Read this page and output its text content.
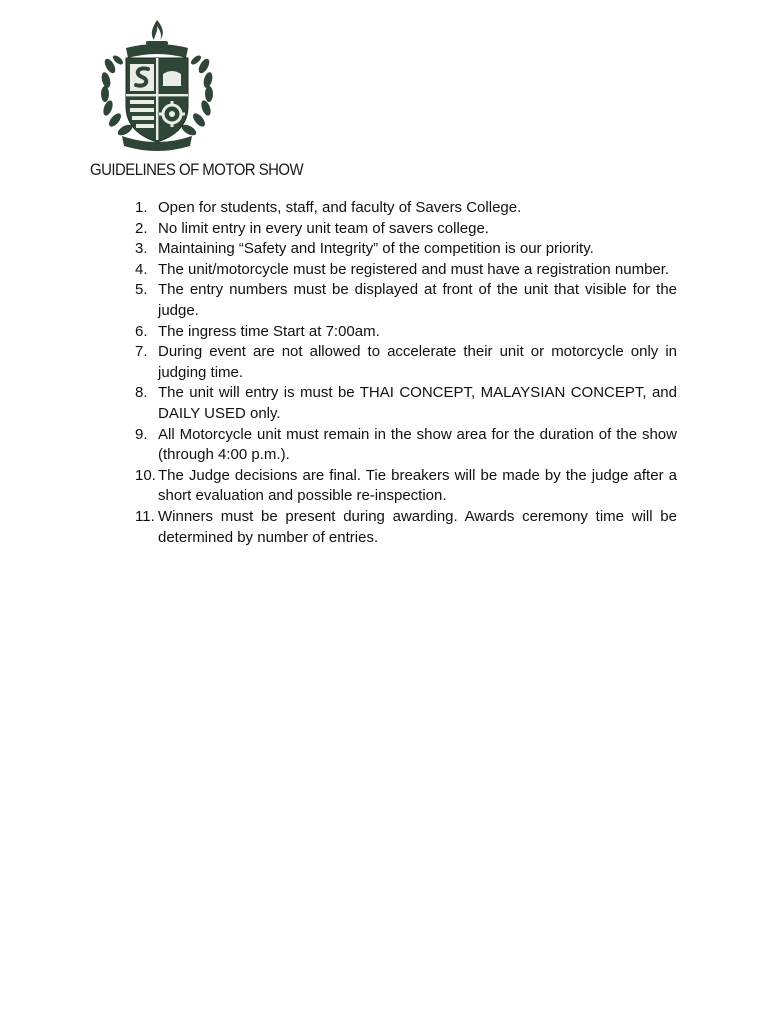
GUIDELINES OF MOTOR SHOW
1. Open for students, staff, and faculty of Savers College.
2. No limit entry in every unit team of savers college.
3. Maintaining “Safety and Integrity” of the competition is our priority.
4. The unit/motorcycle must be registered and must have a registration number.
5. The entry numbers must be displayed at front of the unit that visible for the judge.
6. The ingress time Start at 7:00am.
7. During event are not allowed to accelerate their unit or motorcycle only in judging time.
8. The unit will entry is must be THAI CONCEPT, MALAYSIAN CONCEPT, and DAILY USED only.
9. All Motorcycle unit must remain in the show area for the duration of the show (through 4:00 p.m.).
10. The Judge decisions are final. Tie breakers will be made by the judge after a short evaluation and possible re-inspection.
11. Winners must be present during awarding. Awards ceremony time will be determined by number of entries.
